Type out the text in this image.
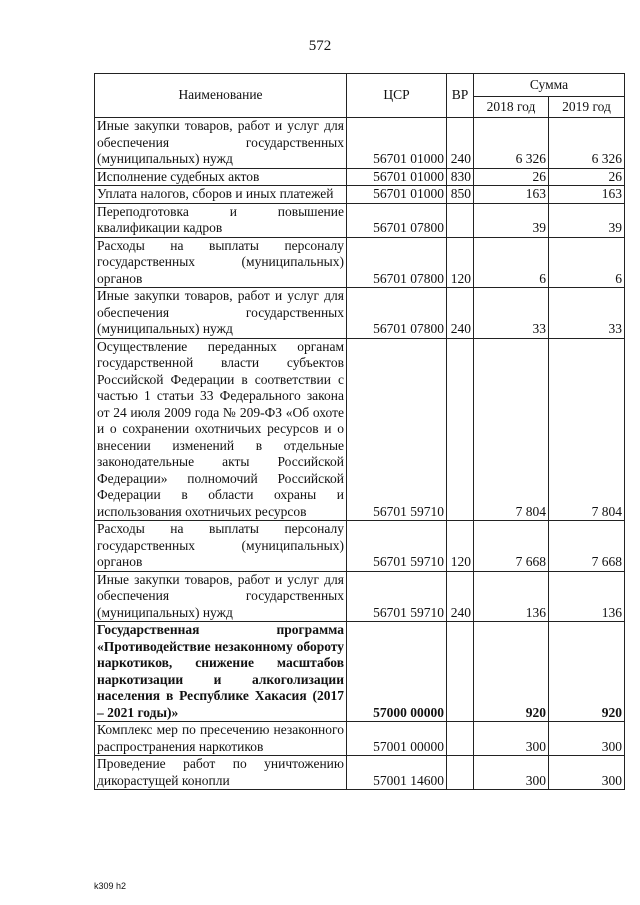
572
Наименование	ЦСР	ВР	Сумма	
			2018 год	2019 год
Иные закупки товаров, работ и услуг для обеспечения государственных (муниципальных) нужд	56701 01000	240	6 326	6 326
Исполнение судебных актов	56701 01000	830	26	26
Уплата налогов, сборов и иных платежей	56701 01000	850	163	163
Переподготовка и повышение квалификации кадров	56701 07800		39	39
Расходы на выплаты персоналу государственных (муниципальных) органов	56701 07800	120	6	6
Иные закупки товаров, работ и услуг для обеспечения государственных (муниципальных) нужд	56701 07800	240	33	33
Осуществление переданных органам государственной власти субъектов Российской Федерации в соответствии с частью 1 статьи 33 Федерального закона от 24 июля 2009 года № 209-ФЗ «Об охоте и о сохранении охотничьих ресурсов и о внесении изменений в отдельные законодательные акты Российской Федерации» полномочий Российской Федерации в области охраны и использования охотничьих ресурсов	56701 59710		7 804	7 804
Расходы на выплаты персоналу государственных (муниципальных) органов	56701 59710	120	7 668	7 668
Иные закупки товаров, работ и услуг для обеспечения государственных (муниципальных) нужд	56701 59710	240	136	136
Государственная программа «Противодействие незаконному обороту наркотиков, снижение масштабов наркотизации и алкоголизации населения в Республике Хакасия (2017 – 2021 годы)»	57000 00000		920	920
Комплекс мер по пресечению незаконного распространения наркотиков	57001 00000		300	300
Проведение работ по уничтожению дикорастущей конопли	57001 14600		300	300
k309 h2
